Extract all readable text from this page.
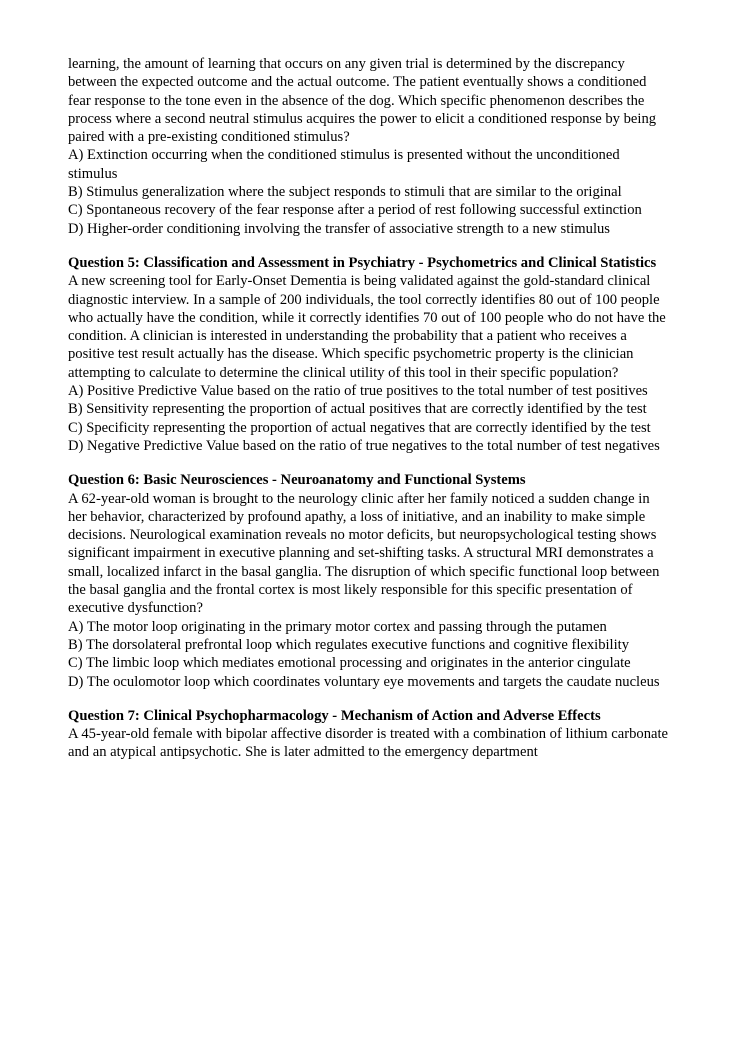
learning, the amount of learning that occurs on any given trial is determined by the discrepancy between the expected outcome and the actual outcome. The patient eventually shows a conditioned fear response to the tone even in the absence of the dog. Which specific phenomenon describes the process where a second neutral stimulus acquires the power to elicit a conditioned response by being paired with a pre-existing conditioned stimulus?

A) Extinction occurring when the conditioned stimulus is presented without the unconditioned stimulus

B) Stimulus generalization where the subject responds to stimuli that are similar to the original

C) Spontaneous recovery of the fear response after a period of rest following successful extinction

D) Higher-order conditioning involving the transfer of associative strength to a new stimulus

Question 5: Classification and Assessment in Psychiatry - Psychometrics and Clinical Statistics

A new screening tool for Early-Onset Dementia is being validated against the gold-standard clinical diagnostic interview. In a sample of 200 individuals, the tool correctly identifies 80 out of 100 people who actually have the condition, while it correctly identifies 70 out of 100 people who do not have the condition. A clinician is interested in understanding the probability that a patient who receives a positive test result actually has the disease. Which specific psychometric property is the clinician attempting to calculate to determine the clinical utility of this tool in their specific population?

A) Positive Predictive Value based on the ratio of true positives to the total number of test positives

B) Sensitivity representing the proportion of actual positives that are correctly identified by the test

C) Specificity representing the proportion of actual negatives that are correctly identified by the test

D) Negative Predictive Value based on the ratio of true negatives to the total number of test negatives

Question 6: Basic Neurosciences - Neuroanatomy and Functional Systems

A 62-year-old woman is brought to the neurology clinic after her family noticed a sudden change in her behavior, characterized by profound apathy, a loss of initiative, and an inability to make simple decisions. Neurological examination reveals no motor deficits, but neuropsychological testing shows significant impairment in executive planning and set-shifting tasks. A structural MRI demonstrates a small, localized infarct in the basal ganglia. The disruption of which specific functional loop between the basal ganglia and the frontal cortex is most likely responsible for this specific presentation of executive dysfunction?

A) The motor loop originating in the primary motor cortex and passing through the putamen

B) The dorsolateral prefrontal loop which regulates executive functions and cognitive flexibility

C) The limbic loop which mediates emotional processing and originates in the anterior cingulate

D) The oculomotor loop which coordinates voluntary eye movements and targets the caudate nucleus

Question 7: Clinical Psychopharmacology - Mechanism of Action and Adverse Effects

A 45-year-old female with bipolar affective disorder is treated with a combination of lithium carbonate and an atypical antipsychotic. She is later admitted to the emergency department
